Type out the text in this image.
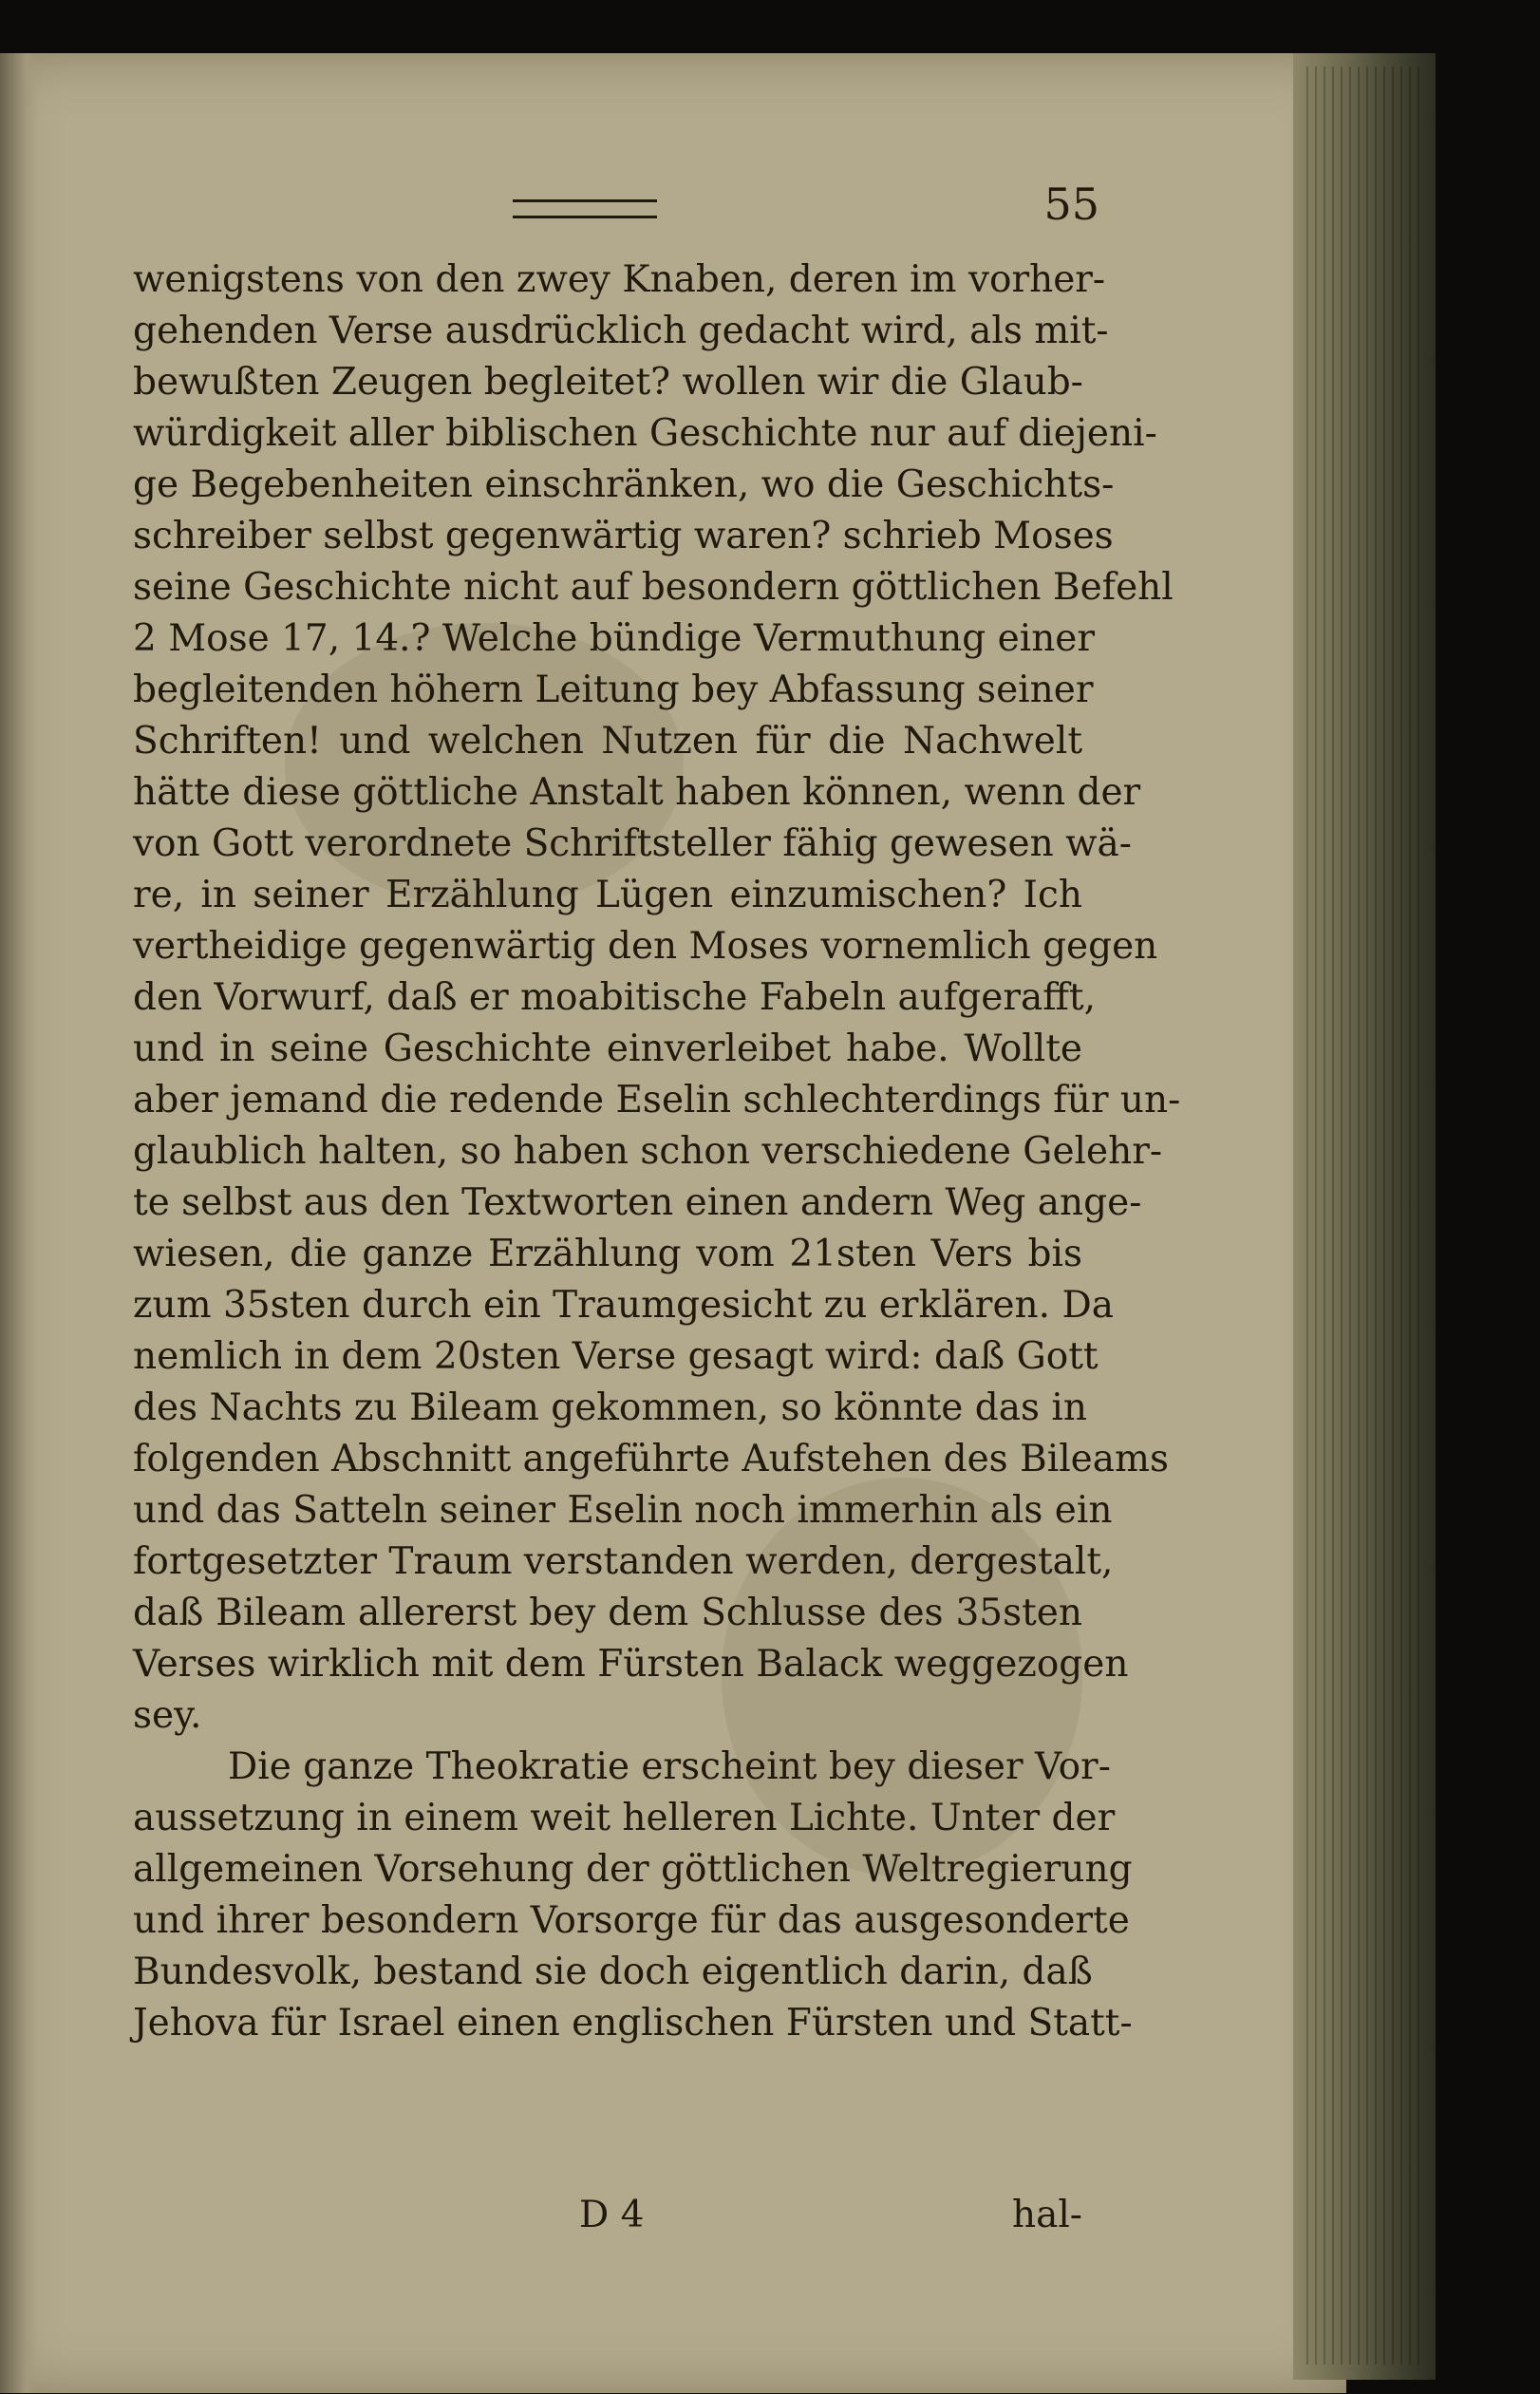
55
wenigstens von den zwey Knaben, deren im vorher-
gehenden Verse ausdrücklich gedacht wird, als mit-
bewußten Zeugen begleitet? wollen wir die Glaub-
würdigkeit aller biblischen Geschichte nur auf diejeni-
ge Begebenheiten einschränken, wo die Geschichts-
schreiber selbst gegenwärtig waren? schrieb Moses
seine Geschichte nicht auf besondern göttlichen Befehl
2 Mose 17, 14.? Welche bündige Vermuthung einer
begleitenden höhern Leitung bey Abfassung seiner
Schriften! und welchen Nutzen für die Nachwelt
hätte diese göttliche Anstalt haben können, wenn der
von Gott verordnete Schriftsteller fähig gewesen wä-
re, in seiner Erzählung Lügen einzumischen? Ich
vertheidige gegenwärtig den Moses vornemlich gegen
den Vorwurf, daß er moabitische Fabeln aufgerafft,
und in seine Geschichte einverleibet habe. Wollte
aber jemand die redende Eselin schlechterdings für un-
glaublich halten, so haben schon verschiedene Gelehr-
te selbst aus den Textworten einen andern Weg ange-
wiesen, die ganze Erzählung vom 21sten Vers bis
zum 35sten durch ein Traumgesicht zu erklären. Da
nemlich in dem 20sten Verse gesagt wird: daß Gott
des Nachts zu Bileam gekommen, so könnte das in
folgenden Abschnitt angeführte Aufstehen des Bileams
und das Satteln seiner Eselin noch immerhin als ein
fortgesetzter Traum verstanden werden, dergestalt,
daß Bileam allererst bey dem Schlusse des 35sten
Verses wirklich mit dem Fürsten Balack weggezogen
sey.
Die ganze Theokratie erscheint bey dieser Vor-
aussetzung in einem weit helleren Lichte. Unter der
allgemeinen Vorsehung der göttlichen Weltregierung
und ihrer besondern Vorsorge für das ausgesonderte
Bundesvolk, bestand sie doch eigentlich darin, daß
Jehova für Israel einen englischen Fürsten und Statt-
D 4	hal-
